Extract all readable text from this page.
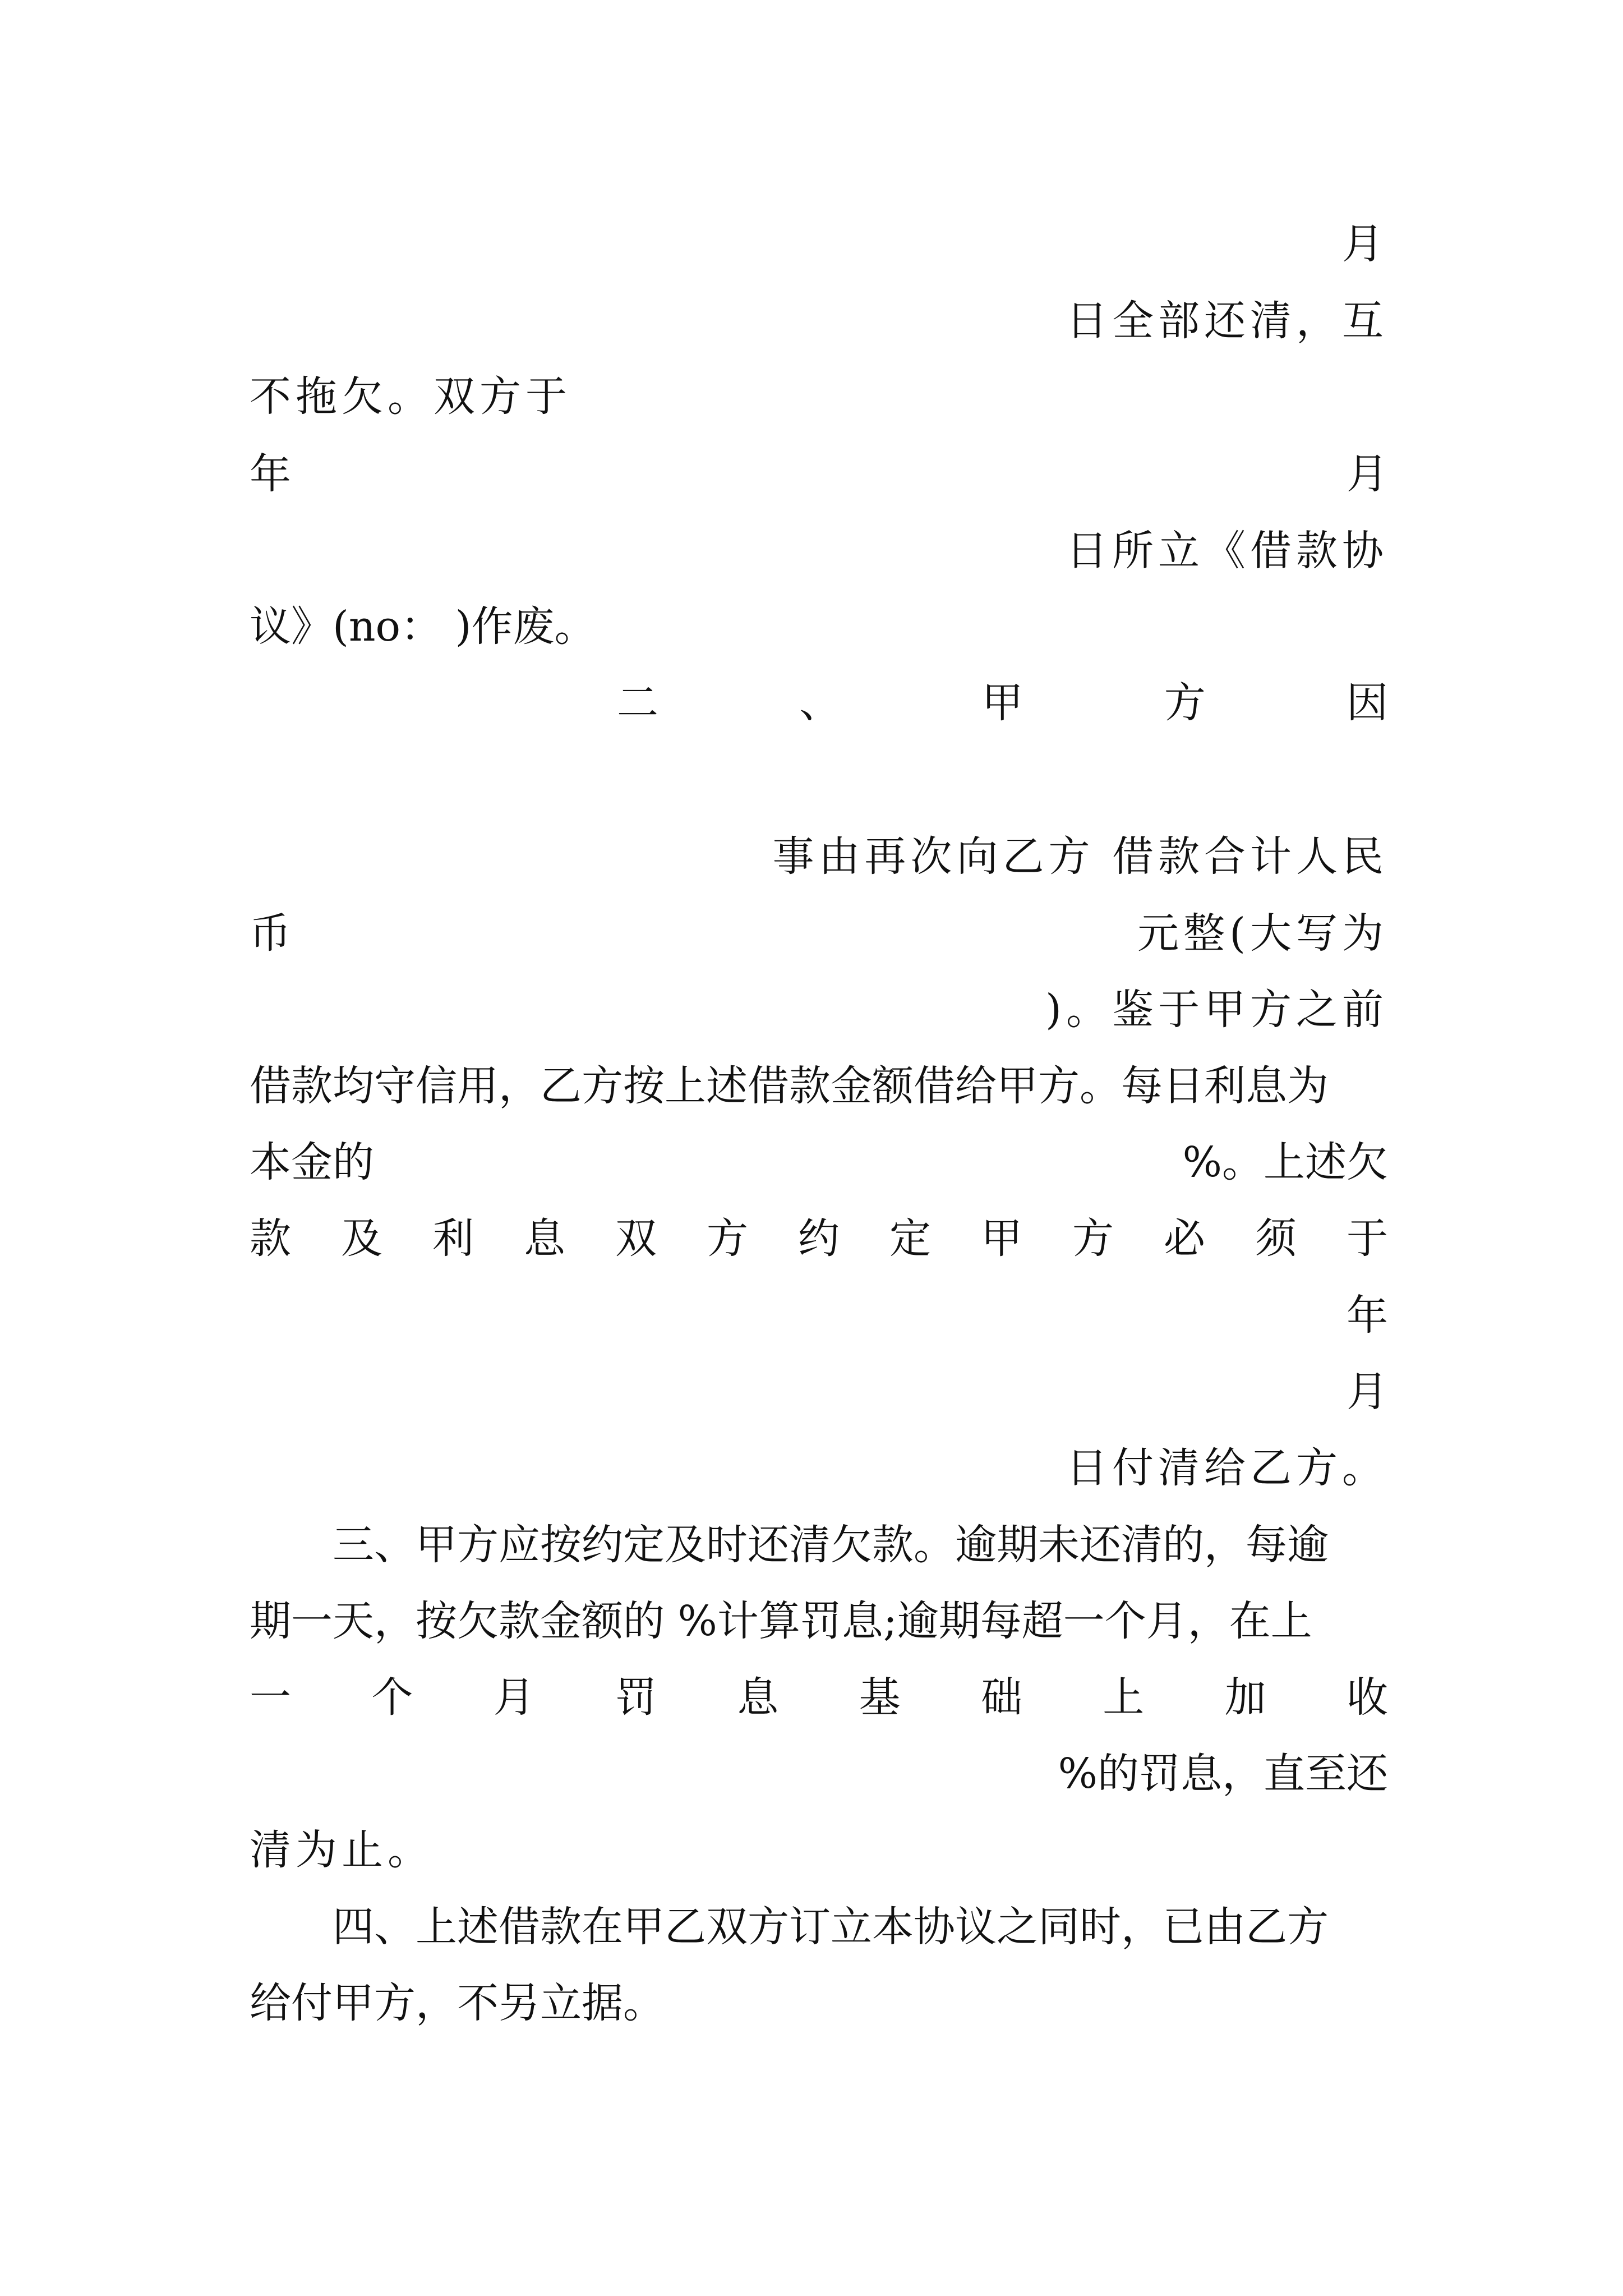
月
日全部还清，互
不拖欠。双方于
年	月
日所立《借款协
议》(no： )作废。
二	、	甲	方	因
事由再次向乙方 借款合计人民
币	元整(大写为
)。鉴于甲方之前
借款均守信用，乙方按上述借款金额借给甲方。每日利息为
本金的	%。上述欠
款 及 利 息 双 方 约 定 甲 方 必 须 于
年
月
日付清给乙方。
三、甲方应按约定及时还清欠款。逾期未还清的，每逾
期一天，按欠款金额的 %计算罚息;逾期每超一个月，在上
一 个 月 罚 息 基 础 上 加 收
%的罚息，直至还
清为止。
四、上述借款在甲乙双方订立本协议之同时，已由乙方
给付甲方，不另立据。
